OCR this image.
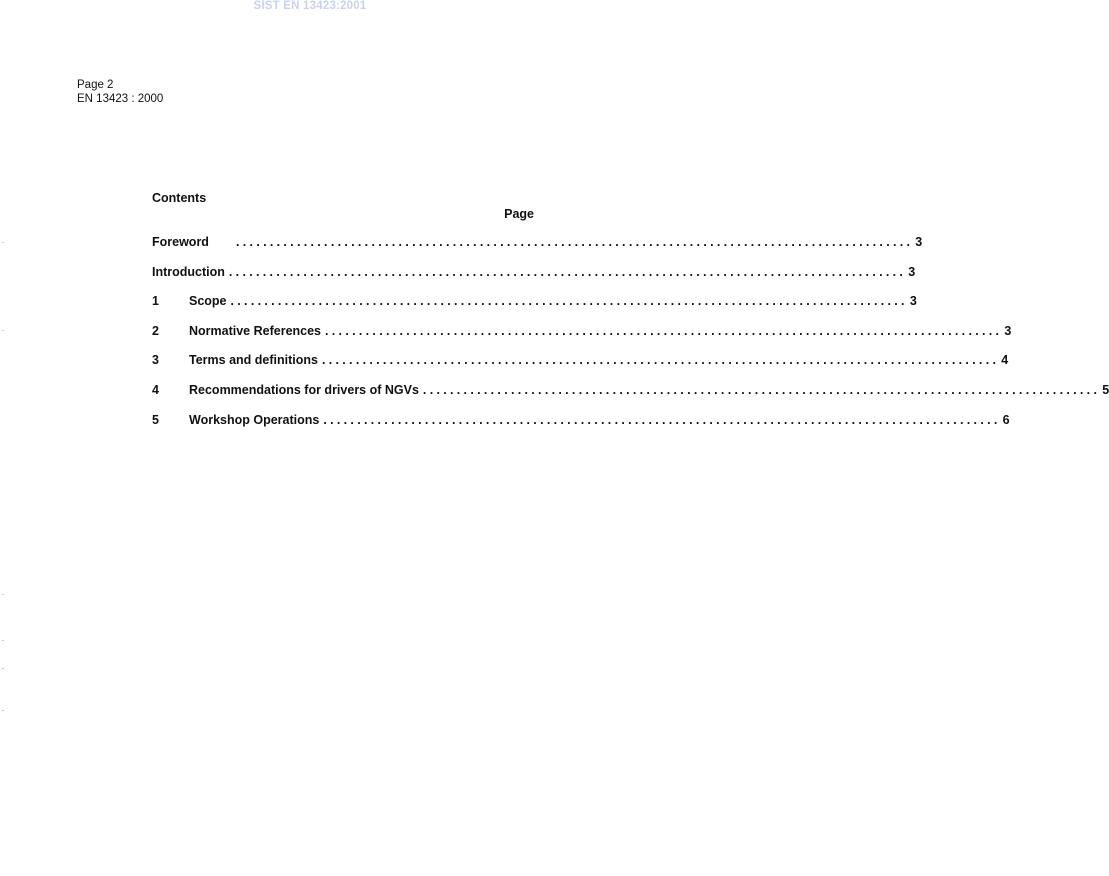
SIST EN 13423:2001
Page 2
EN 13423 : 2000
Contents
Page
Foreword	.................................................................................................... 3
Introduction .................................................................................................... 3
1	Scope .................................................................................................... 3
2	Normative References .................................................................................................... 3
3	Terms and definitions .................................................................................................... 4
4	Recommendations for drivers of NGVs .................................................................................................... 5
5	Workshop Operations .................................................................................................... 6
